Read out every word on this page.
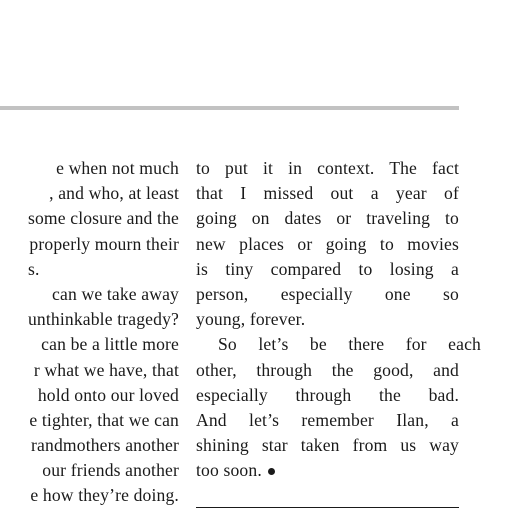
e when not much
, and who, at least
some closure and the
properly mourn their
s.
can we take away
unthinkable tragedy?
can be a little more
r what we have, that
hold onto our loved
e tighter, that we can
randmothers another
our friends another
e how they’re doing.
to put it in context. The fact
that I missed out a year of
going on dates or traveling to
new places or going to movies
is tiny compared to losing a
person, especially one so
young, forever.
So let’s be there for each
other, through the good, and
especially through the bad.
And let’s remember Ilan, a
shining star taken from us way
too soon.
